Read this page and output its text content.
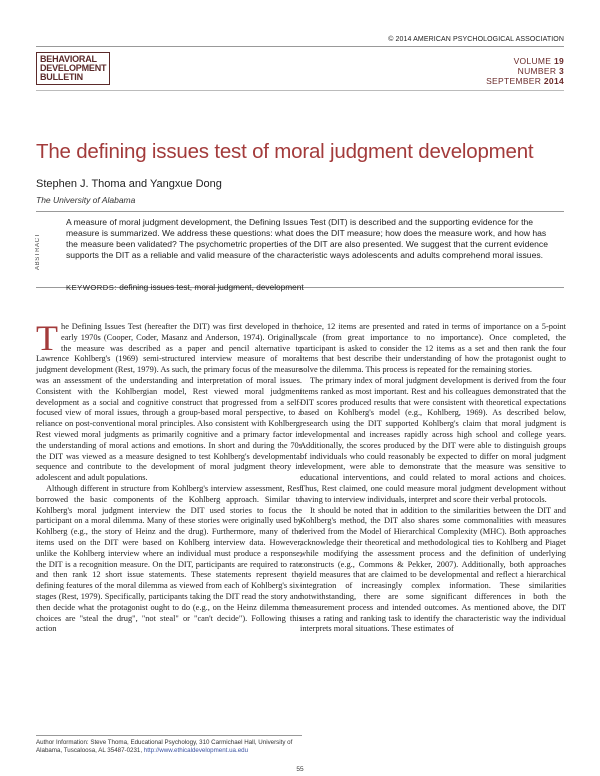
© 2014 AMERICAN PSYCHOLOGICAL ASSOCIATION
BEHAVIORAL
DEVELOPMENT
BULLETIN
VOLUME 19
NUMBER 3
SEPTEMBER 2014
The defining issues test of moral judgment development
Stephen J. Thoma and Yangxue Dong
The University of Alabama
ABSTRACT
A measure of moral judgment development, the Defining Issues Test (DIT) is described and the supporting evidence for the measure is summarized. We address these questions: what does the DIT measure; how does the measure work, and how has the measure been validated? The psychometric properties of the DIT are also presented. We suggest that the current evidence supports the DIT as a reliable and valid measure of the characteristic ways adolescents and adults comprehend moral issues.
KEYWORDS: defining issues test, moral judgment, development

The Defining Issues Test (hereafter the DIT) was first developed in the early 1970s (Cooper, Coder, Masanz and Anderson, 1974). Originally the measure was described as a paper and pencil alternative to Lawrence Kohlberg's (1969) semi-structured interview measure of moral judgment development (Rest, 1979). As such, the primary focus of the measure was an assessment of the understanding and interpretation of moral issues. Consistent with the Kohlbergian model, Rest viewed moral judgment development as a social and cognitive construct that progressed from a self-focused view of moral issues, through a group-based moral perspective, to a reliance on post-conventional moral principles. Also consistent with Kohlberg, Rest viewed moral judgments as primarily cognitive and a primary factor in the understanding of moral actions and emotions. In short and during the 70s the DIT was viewed as a measure designed to test Kohlberg's developmental sequence and contribute to the development of moral judgment theory in adolescent and adult populations.

Although different in structure from Kohlberg's interview assessment, Rest borrowed the basic components of the Kohlberg approach. Similar to Kohlberg's moral judgment interview the DIT used stories to focus the participant on a moral dilemma. Many of these stories were originally used by Kohlberg (e.g., the story of Heinz and the drug). Furthermore, many of the items used on the DIT were based on Kohlberg interview data. However, unlike the Kohlberg interview where an individual must produce a response, the DIT is a recognition measure. On the DIT, participants are required to rate and then rank 12 short issue statements. These statements represent the defining features of the moral dilemma as viewed from each of Kohlberg's six-stages (Rest, 1979). Specifically, participants taking the DIT read the story and then decide what the protagonist ought to do (e.g., on the Heinz dilemma the choices are "steal the drug", "not steal" or "can't decide"). Following this action

choice, 12 items are presented and rated in terms of importance on a 5-point scale (from great importance to no importance). Once completed, the participant is asked to consider the 12 items as a set and then rank the four items that best describe their understanding of how the protagonist ought to solve the dilemma. This process is repeated for the remaining stories.

The primary index of moral judgment development is derived from the four items ranked as most important. Rest and his colleagues demonstrated that the DIT scores produced results that were consistent with theoretical expectations based on Kohlberg's model (e.g., Kohlberg, 1969). As described below, research using the DIT supported Kohlberg's claim that moral judgment is developmental and increases rapidly across high school and college years. Additionally, the scores produced by the DIT were able to distinguish groups of individuals who could reasonably be expected to differ on moral judgment development, were able to demonstrate that the measure was sensitive to educational interventions, and could related to moral actions and choices. Thus, Rest claimed, one could measure moral judgment development without having to interview individuals, interpret and score their verbal protocols.

It should be noted that in addition to the similarities between the DIT and Kohlberg's method, the DIT also shares some commonalities with measures derived from the Model of Hierarchical Complexity (MHC). Both approaches acknowledge their theoretical and methodological ties to Kohlberg and Piaget while modifying the assessment process and the definition of underlying constructs (e.g., Commons & Pekker, 2007). Additionally, both approaches yield measures that are claimed to be developmental and reflect a hierarchical integration of increasingly complex information. These similarities notwithstanding, there are some significant differences in both the measurement process and intended outcomes. As mentioned above, the DIT uses a rating and ranking task to identify the characteristic way the individual interprets moral situations. These estimates of

Author Information: Steve Thoma, Educational Psychology, 310 Carmichael Hall, University of Alabama, Tuscaloosa, AL 35487-0231, http://www.ethicaldevelopment.ua.edu
55
